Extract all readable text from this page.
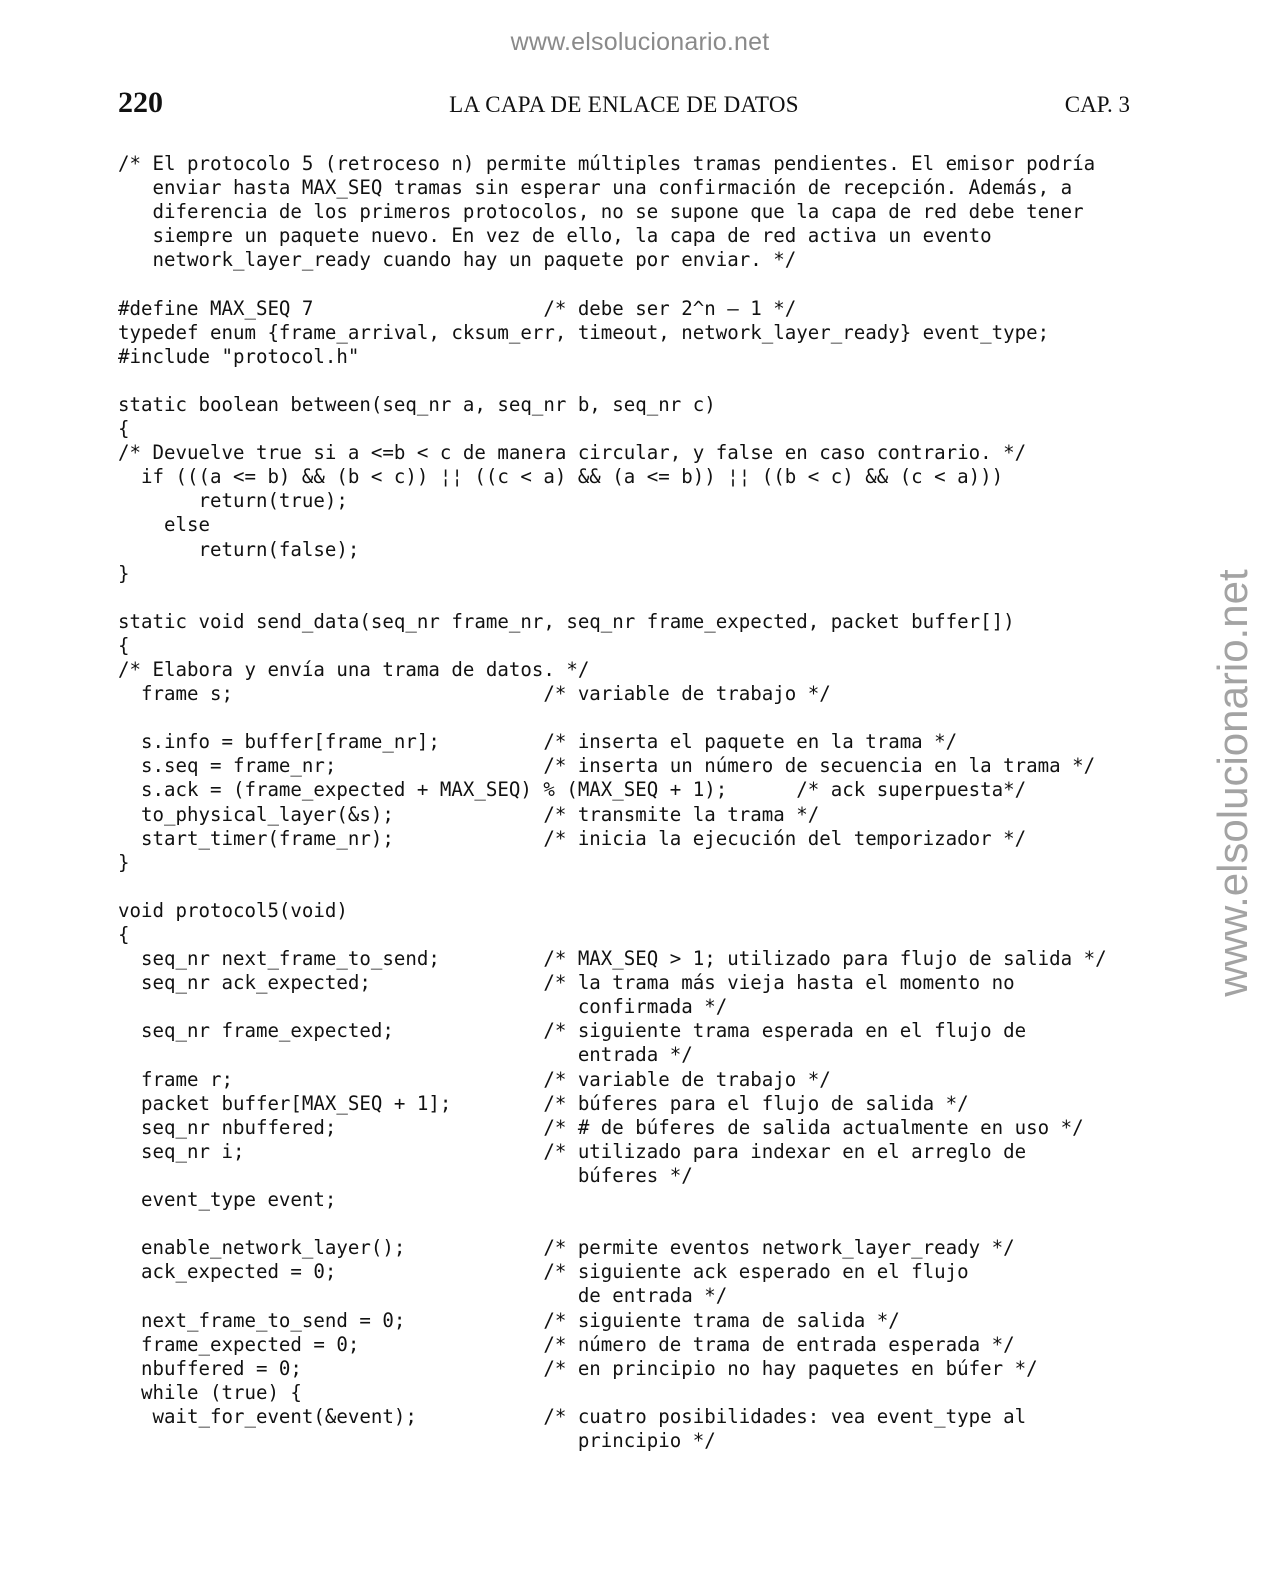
www.elsolucionario.net
www.elsolucionario.net
220	LA CAPA DE ENLACE DE DATOS	CAP. 3
/* El protocolo 5 (retroceso n) permite múltiples tramas pendientes. El emisor podría
enviar hasta MAX_SEQ tramas sin esperar una confirmación de recepción. Además, a
diferencia de los primeros protocolos, no se supone que la capa de red debe tener
siempre un paquete nuevo. En vez de ello, la capa de red activa un evento
network_layer_ready cuando hay un paquete por enviar. */
#define MAX_SEQ 7                    /* debe ser 2^n – 1 */
typedef enum {frame_arrival, cksum_err, timeout, network_layer_ready} event_type;
#include "protocol.h"
static boolean between(seq_nr a, seq_nr b, seq_nr c)
{
/* Devuelve true si a <=b < c de manera circular, y false en caso contrario. */
if (((a <= b) && (b < c)) ¦¦ ((c < a) && (a <= b)) ¦¦ ((b < c) && (c < a)))
return(true);
else
return(false);
}
static void send_data(seq_nr frame_nr, seq_nr frame_expected, packet buffer[])
{
/* Elabora y envía una trama de datos. */
frame s;                           /* variable de trabajo */
s.info = buffer[frame_nr];         /* inserta el paquete en la trama */
s.seq = frame_nr;                  /* inserta un número de secuencia en la trama */
s.ack = (frame_expected + MAX_SEQ) % (MAX_SEQ + 1);      /* ack superpuesta*/
to_physical_layer(&s);             /* transmite la trama */
start_timer(frame_nr);             /* inicia la ejecución del temporizador */
}
void protocol5(void)
{
seq_nr next_frame_to_send;         /* MAX_SEQ > 1; utilizado para flujo de salida */
seq_nr ack_expected;               /* la trama más vieja hasta el momento no
confirmada */
seq_nr frame_expected;             /* siguiente trama esperada en el flujo de
entrada */
frame r;                           /* variable de trabajo */
packet buffer[MAX_SEQ + 1];        /* búferes para el flujo de salida */
seq_nr nbuffered;                  /* # de búferes de salida actualmente en uso */
seq_nr i;                          /* utilizado para indexar en el arreglo de
búferes */
event_type event;
enable_network_layer();            /* permite eventos network_layer_ready */
ack_expected = 0;                  /* siguiente ack esperado en el flujo
de entrada */
next_frame_to_send = 0;            /* siguiente trama de salida */
frame_expected = 0;                /* número de trama de entrada esperada */
nbuffered = 0;                     /* en principio no hay paquetes en búfer */
while (true) {
wait_for_event(&event);           /* cuatro posibilidades: vea event_type al
principio */
